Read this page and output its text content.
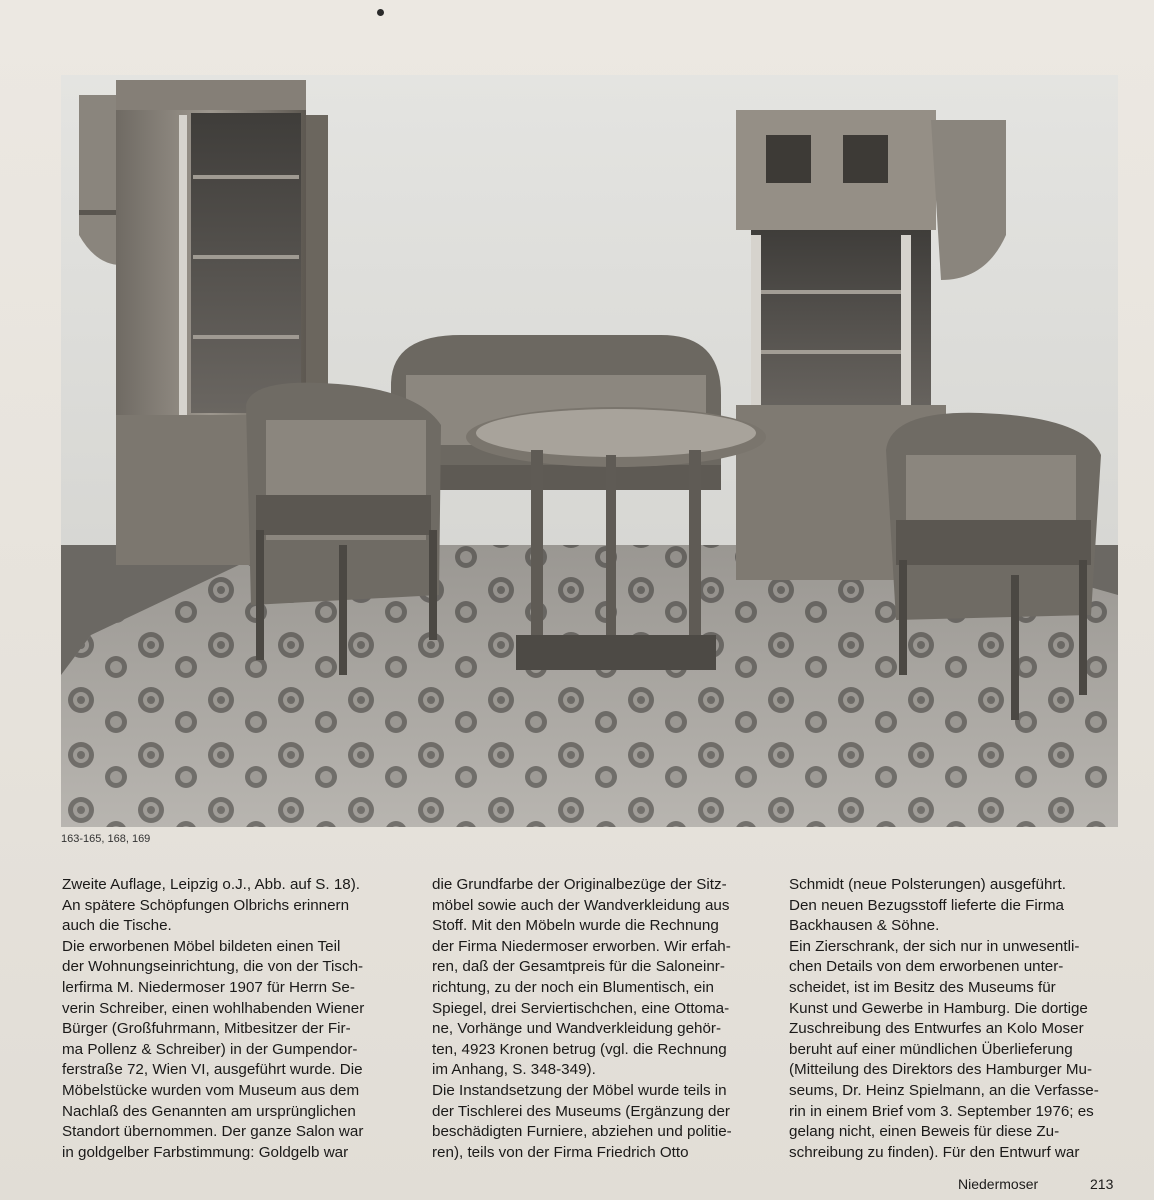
163-165, 168, 169
Zweite Auflage, Leipzig o.J., Abb. auf S. 18).
An spätere Schöpfungen Olbrichs erinnern
auch die Tische.
Die erworbenen Möbel bildeten einen Teil
der Wohnungseinrichtung, die von der Tisch-
lerfirma M. Niedermoser 1907 für Herrn Se-
verin Schreiber, einen wohlhabenden Wiener
Bürger (Großfuhrmann, Mitbesitzer der Fir-
ma Pollenz & Schreiber) in der Gumpendor-
ferstraße 72, Wien VI, ausgeführt wurde. Die
Möbelstücke wurden vom Museum aus dem
Nachlaß des Genannten am ursprünglichen
Standort übernommen. Der ganze Salon war
in goldgelber Farbstimmung: Goldgelb war
die Grundfarbe der Originalbezüge der Sitz-
möbel sowie auch der Wandverkleidung aus
Stoff. Mit den Möbeln wurde die Rechnung
der Firma Niedermoser erworben. Wir erfah-
ren, daß der Gesamtpreis für die Saloneinr-
richtung, zu der noch ein Blumentisch, ein
Spiegel, drei Serviertischchen, eine Ottoma-
ne, Vorhänge und Wandverkleidung gehör-
ten, 4923 Kronen betrug (vgl. die Rechnung
im Anhang, S. 348-349).
Die Instandsetzung der Möbel wurde teils in
der Tischlerei des Museums (Ergänzung der
beschädigten Furniere, abziehen und politie-
ren), teils von der Firma Friedrich Otto
Schmidt (neue Polsterungen) ausgeführt.
Den neuen Bezugsstoff lieferte die Firma
Backhausen & Söhne.
Ein Zierschrank, der sich nur in unwesentli-
chen Details von dem erworbenen unter-
scheidet, ist im Besitz des Museums für
Kunst und Gewerbe in Hamburg. Die dortige
Zuschreibung des Entwurfes an Kolo Moser
beruht auf einer mündlichen Überlieferung
(Mitteilung des Direktors des Hamburger Mu-
seums, Dr. Heinz Spielmann, an die Verfasse-
rin in einem Brief vom 3. September 1976; es
gelang nicht, einen Beweis für diese Zu-
schreibung zu finden). Für den Entwurf war
Niedermoser	213
